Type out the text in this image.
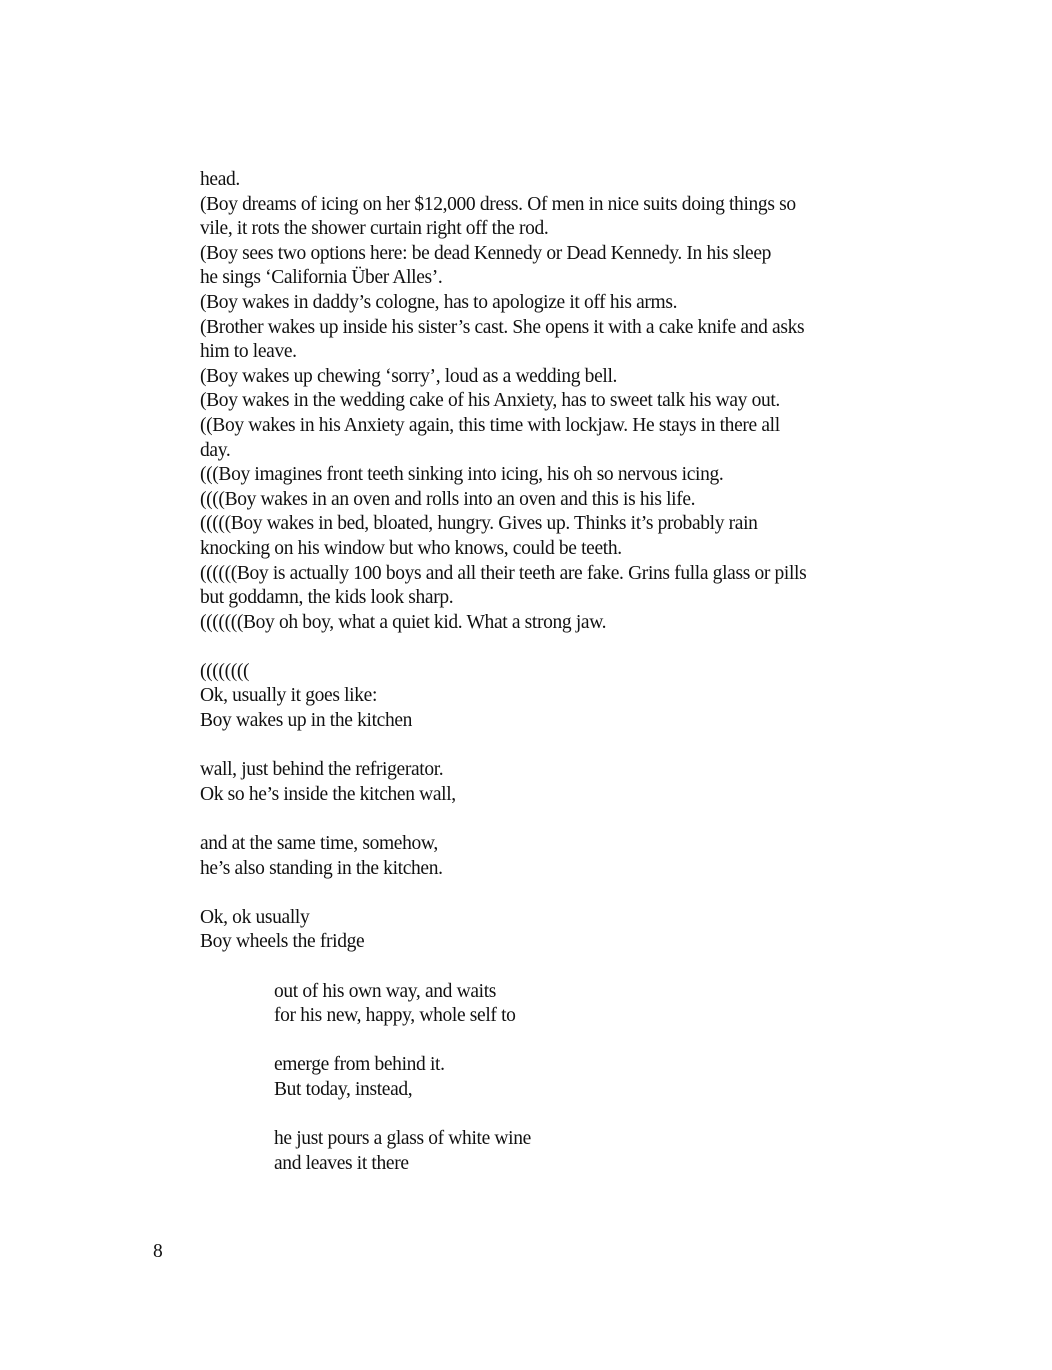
head.
(Boy dreams of icing on her $12,000 dress. Of men in nice suits doing things so
vile, it rots the shower curtain right off the rod.
(Boy sees two options here: be dead Kennedy or Dead Kennedy. In his sleep
he sings ‘California Über Alles’.
(Boy wakes in daddy’s cologne, has to apologize it off his arms.
(Brother wakes up inside his sister’s cast. She opens it with a cake knife and asks
him to leave.
(Boy wakes up chewing ‘sorry’, loud as a wedding bell.
(Boy wakes in the wedding cake of his Anxiety, has to sweet talk his way out.
((Boy wakes in his Anxiety again, this time with lockjaw. He stays in there all
day.
(((Boy imagines front teeth sinking into icing, his oh so nervous icing.
((((Boy wakes in an oven and rolls into an oven and this is his life.
(((((Boy wakes in bed, bloated, hungry. Gives up. Thinks it’s probably rain
knocking on his window but who knows, could be teeth.
((((((Boy is actually 100 boys and all their teeth are fake. Grins fulla glass or pills
but goddamn, the kids look sharp.
(((((((Boy oh boy, what a quiet kid. What a strong jaw.
((((((((
Ok, usually it goes like:
Boy wakes up in the kitchen
wall, just behind the refrigerator.
Ok so he’s inside the kitchen wall,
and at the same time, somehow,
he’s also standing in the kitchen.
Ok, ok usually
Boy wheels the fridge
out of his own way, and waits
for his new, happy, whole self to
emerge from behind it.
But today, instead,
he just pours a glass of white wine
and leaves it there
8
